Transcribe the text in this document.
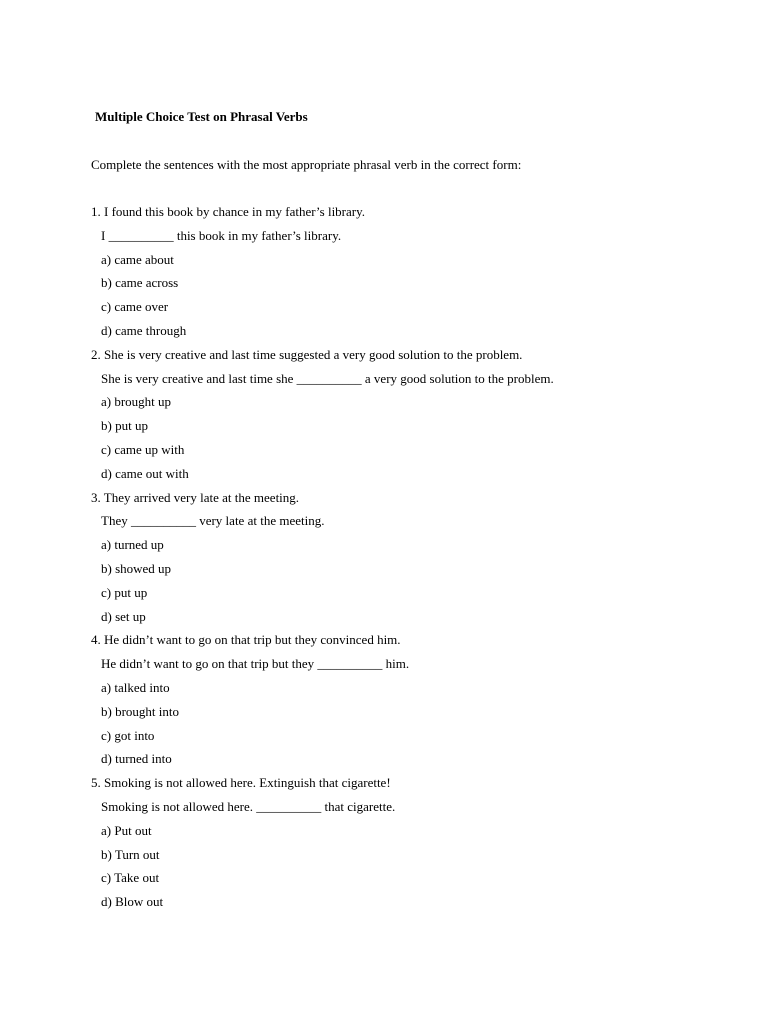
Multiple Choice Test on Phrasal Verbs
Complete the sentences with the most appropriate phrasal verb in the correct form:
1. I found this book by chance in my father’s library.
I __________ this book in my father’s library.
a) came about
b) came across
c) came over
d) came through
2. She is very creative and last time suggested a very good solution to the problem.
She is very creative and last time she __________ a very good solution to the problem.
a) brought up
b) put up
c) came up with
d) came out with
3. They arrived very late at the meeting.
They __________ very late at the meeting.
a) turned up
b) showed up
c) put up
d) set up
4. He didn’t want to go on that trip but they convinced him.
He didn’t want to go on that trip but they __________ him.
a) talked into
b) brought into
c) got into
d) turned into
5. Smoking is not allowed here. Extinguish that cigarette!
Smoking is not allowed here. __________ that cigarette.
a) Put out
b) Turn out
c) Take out
d) Blow out
